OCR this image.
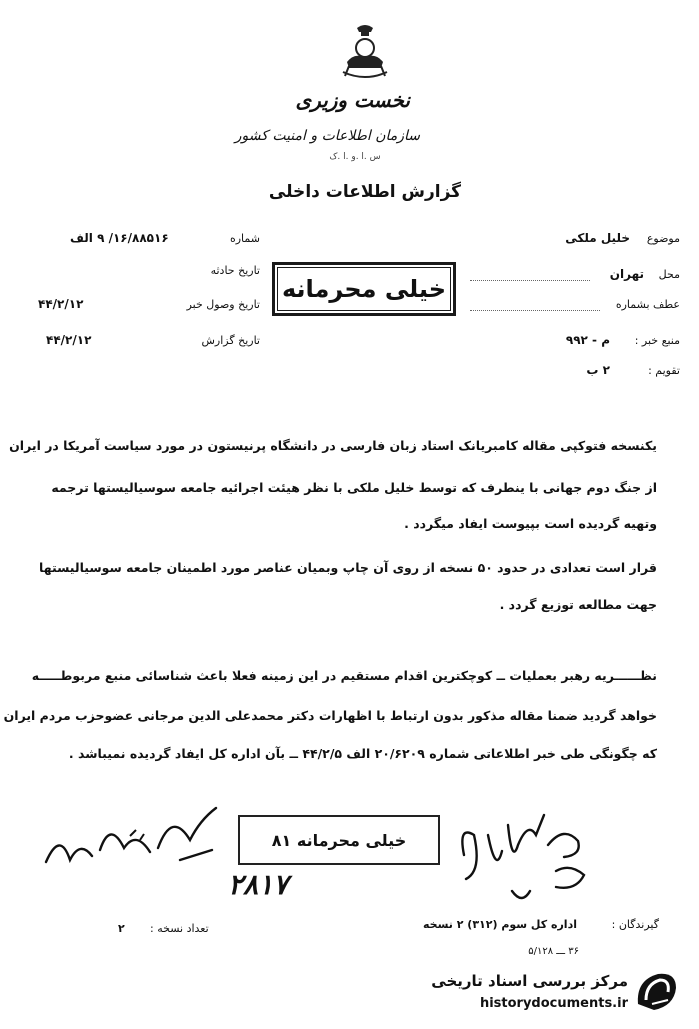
نخست وزیری
سازمان اطلاعات و امنیت کشور
س .ا .و .ا .ک
گزارش اطلاعات داخلی
شماره
۱۶/۸۸۵۱۶/ ۹ الف
تاریخ حادثه
تاریخ وصول خبر
۴۴/۲/۱۲
تاریخ گزارش
۴۴/۲/۱۲
موضوع
خلیل ملکی
محل
تهران
عطف بشماره
منبع خبر :
م - ۹۹۲
تقویم :
۲ ب
خیلی محرمانه
یکنسخه فتوکپی مقاله کامبریانک استاد زبان فارسی در دانشگاه پرنیستون در مورد سیاست آمریکا در ایران
از جنگ دوم جهانی با ینطرف که توسط خلیل ملکی با نظر هیئت اجرائیه جامعه سوسیالیستها ترجمه
وتهیه گردیده است بپیوست ایفاد میگردد .
قرار است تعدادی در حدود ۵۰ نسخه از روی آن چاپ وبمیان عناصر مورد اطمینان جامعه سوسیالیستها
جهت مطالعه توزیع گردد .
نظــــــریه رهبر بعملیات ــ کوچکترین اقدام مستقیم در این زمینه فعلا باعث شناسائی منبع مربوطـــــه
خواهد گردید ضمنا مقاله مذکور بدون ارتباط با اظهارات دکتر محمدعلی الدین مرجانی عضوحزب مردم ایران
که چگونگی طی خبر اطلاعاتی شماره ۲۰/۶۲۰۹ الف ۴۴/۲/۵ ــ بآن اداره کل ایفاد گردیده نمیباشد .
خیلی محرمانه ۸۱
۲۸۱۷
گیرندگان :
اداره کل سوم (۳۱۲) ۲ نسخه
تعداد نسخه :
۲
۳۶ ـــ ۵/۱۲۸
مرکز بررسی اسناد تاریخی
historydocuments.ir
